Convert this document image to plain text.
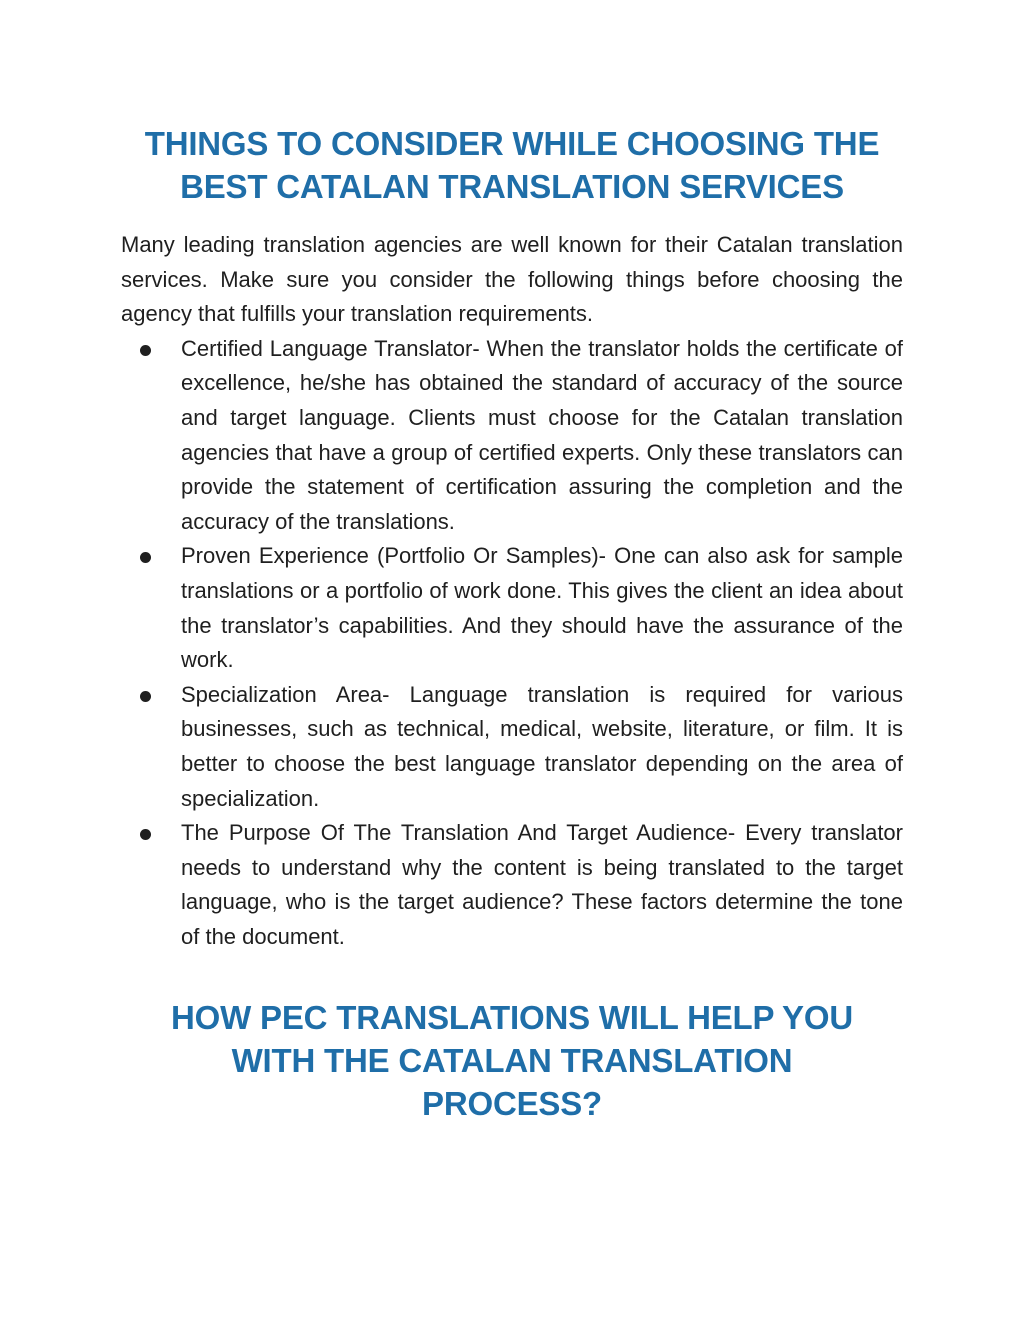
THINGS TO CONSIDER WHILE CHOOSING THE
BEST CATALAN TRANSLATION SERVICES

Many leading translation agencies are well known for their Catalan translation services. Make sure you consider the following things before choosing the agency that fulfills your translation requirements.

Certified Language Translator- When the translator holds the certificate of excellence, he/she has obtained the standard of accuracy of the source and target language. Clients must choose for the Catalan translation agencies that have a group of certified experts. Only these translators can provide the statement of certification assuring the completion and the accuracy of the translations.
Proven Experience (Portfolio Or Samples)- One can also ask for sample translations or a portfolio of work done. This gives the client an idea about the translator’s capabilities. And they should have the assurance of the work.
Specialization Area- Language translation is required for various businesses, such as technical, medical, website, literature, or film. It is better to choose the best language translator depending on the area of specialization.
The Purpose Of The Translation And Target Audience- Every translator needs to understand why the content is being translated to the target language, who is the target audience? These factors determine the tone of the document.
HOW PEC TRANSLATIONS WILL HELP YOU
WITH THE CATALAN TRANSLATION
PROCESS?
